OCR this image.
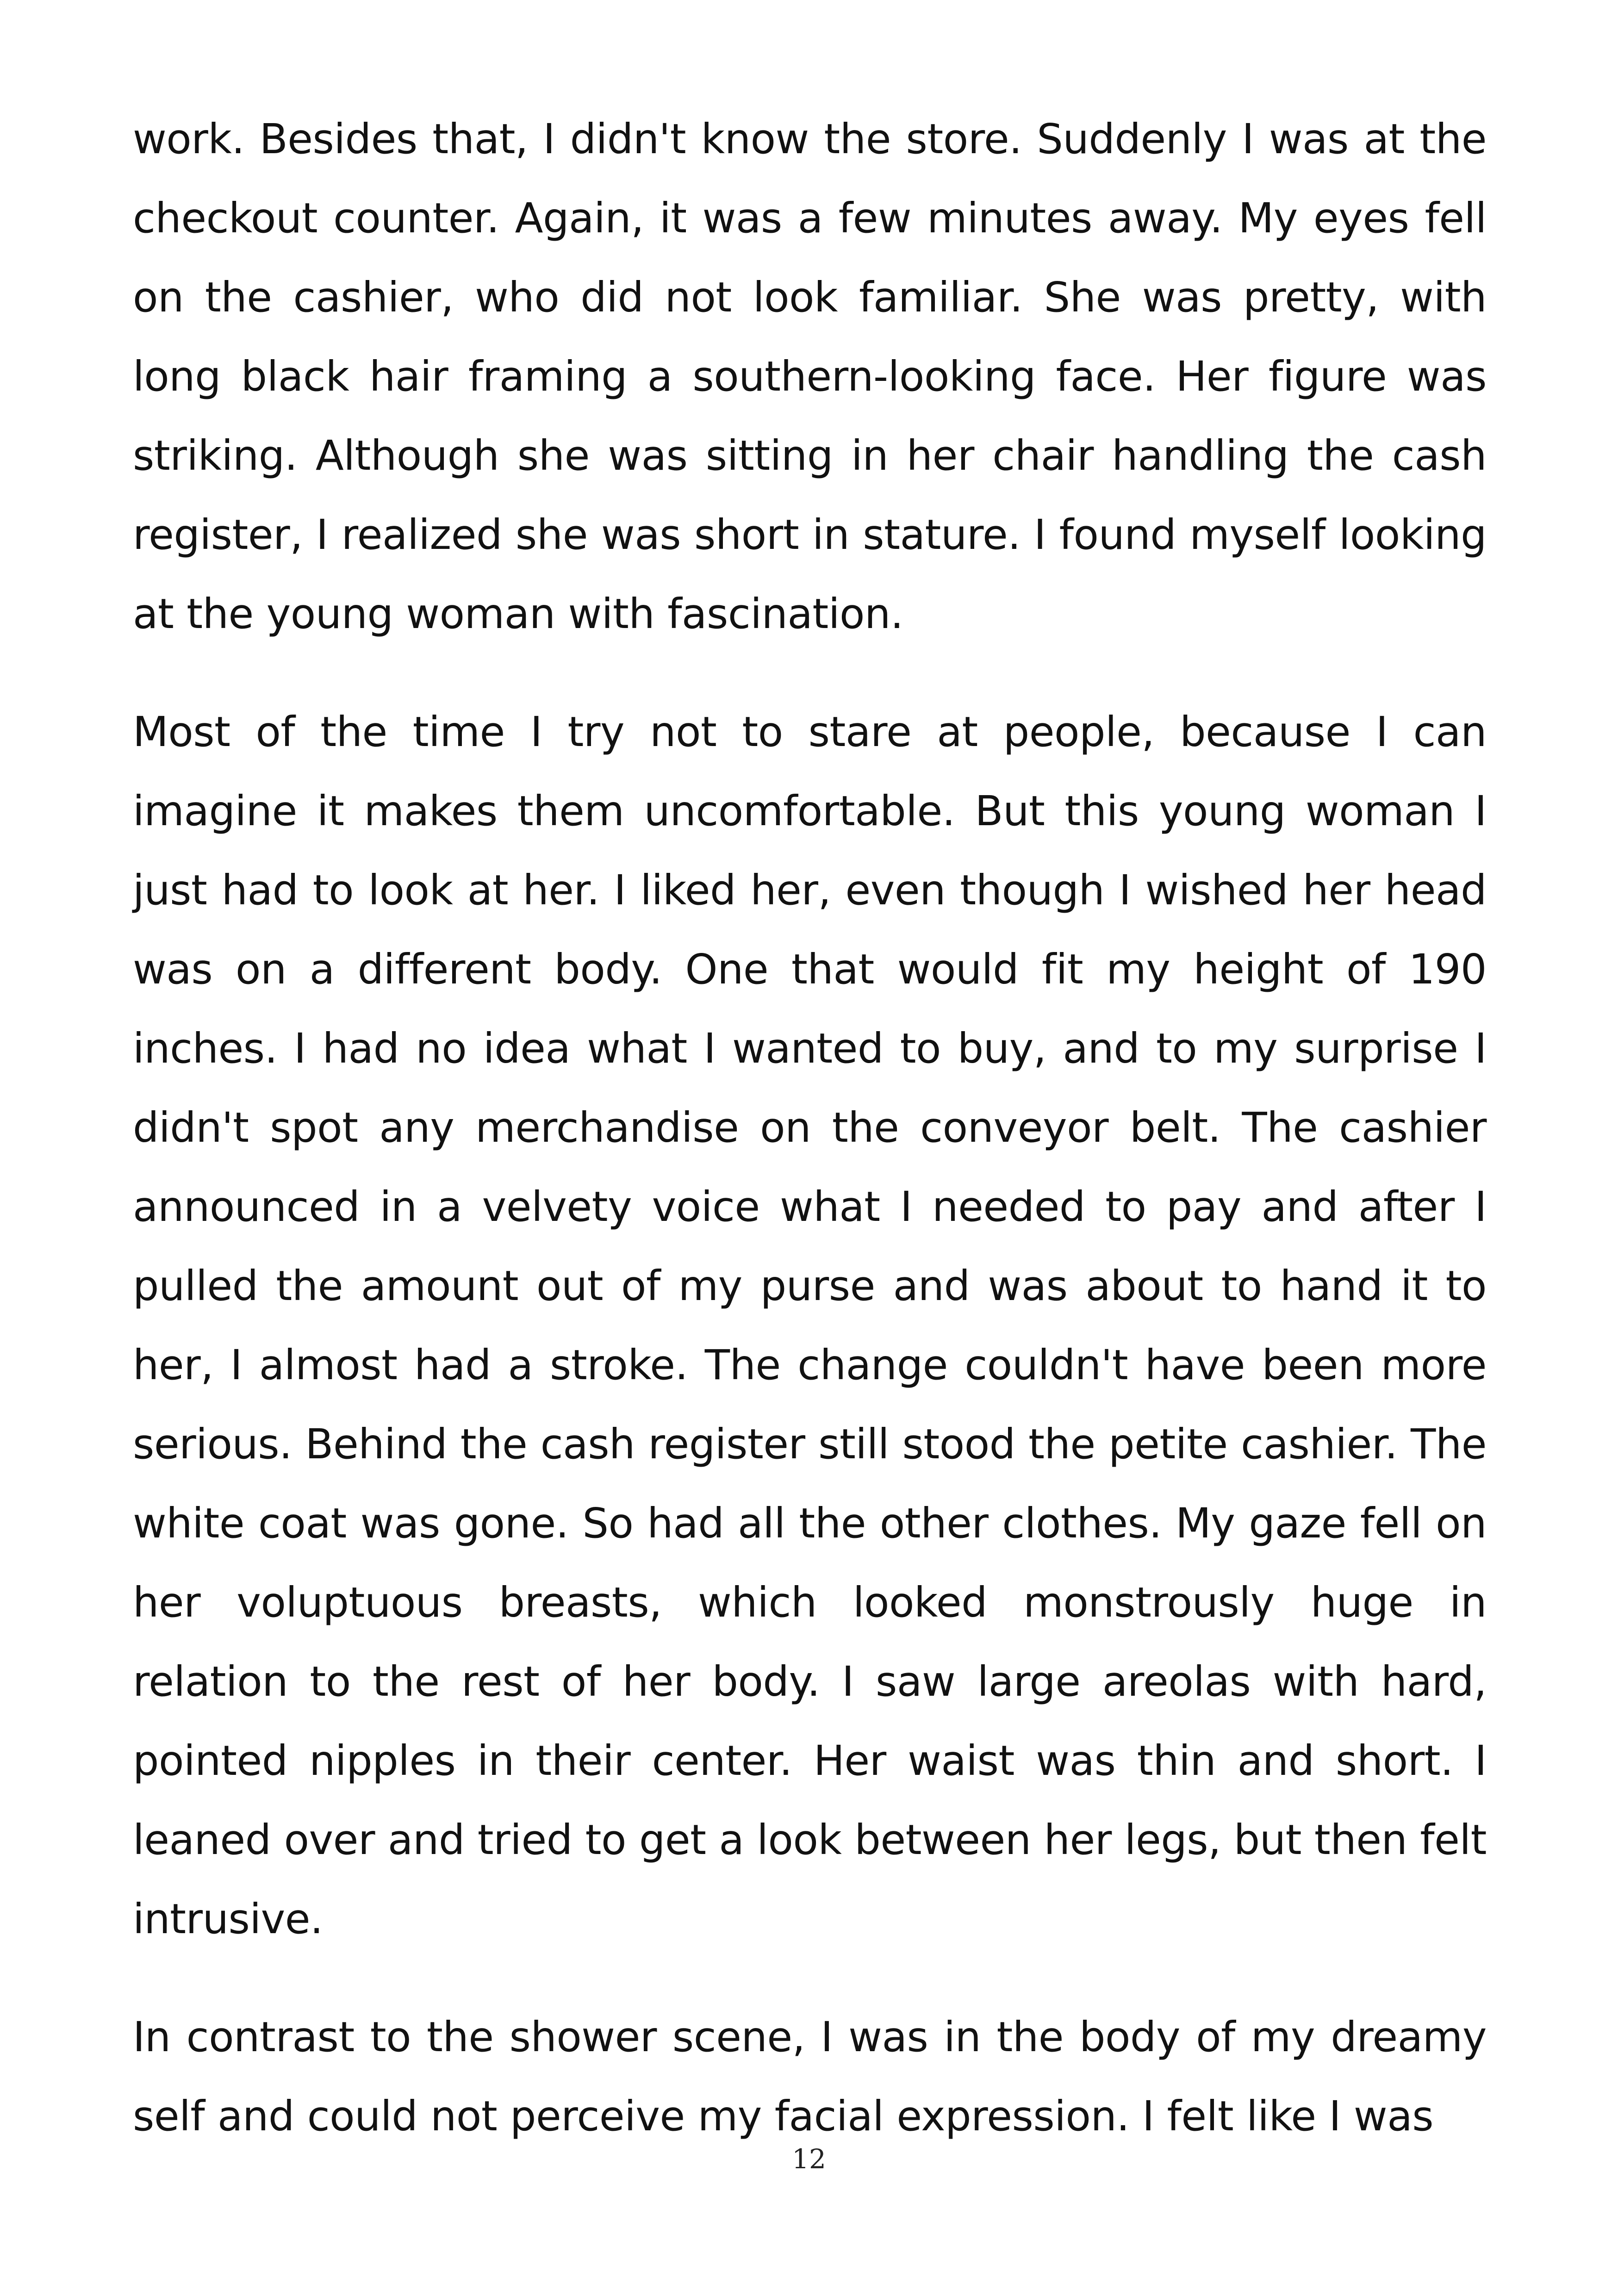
work. Besides that, I didn't know the store. Suddenly I was at the checkout counter. Again, it was a few minutes away. My eyes fell on the cashier, who did not look familiar. She was pretty, with long black hair framing a southern-looking face. Her figure was striking. Although she was sitting in her chair handling the cash register, I realized she was short in stature. I found myself looking at the young woman with fascination.

Most of the time I try not to stare at people, because I can imagine it makes them uncomfortable. But this young woman I just had to look at her. I liked her, even though I wished her head was on a different body. One that would fit my height of 190 inches. I had no idea what I wanted to buy, and to my surprise I didn't spot any merchandise on the conveyor belt. The cashier announced in a velvety voice what I needed to pay and after I pulled the amount out of my purse and was about to hand it to her, I almost had a stroke. The change couldn't have been more serious. Behind the cash register still stood the petite cashier. The white coat was gone. So had all the other clothes. My gaze fell on her voluptuous breasts, which looked monstrously huge in relation to the rest of her body. I saw large areolas with hard, pointed nipples in their center. Her waist was thin and short. I leaned over and tried to get a look between her legs, but then felt intrusive.

In contrast to the shower scene, I was in the body of my dreamy self and could not perceive my facial expression. I felt like I was

12
